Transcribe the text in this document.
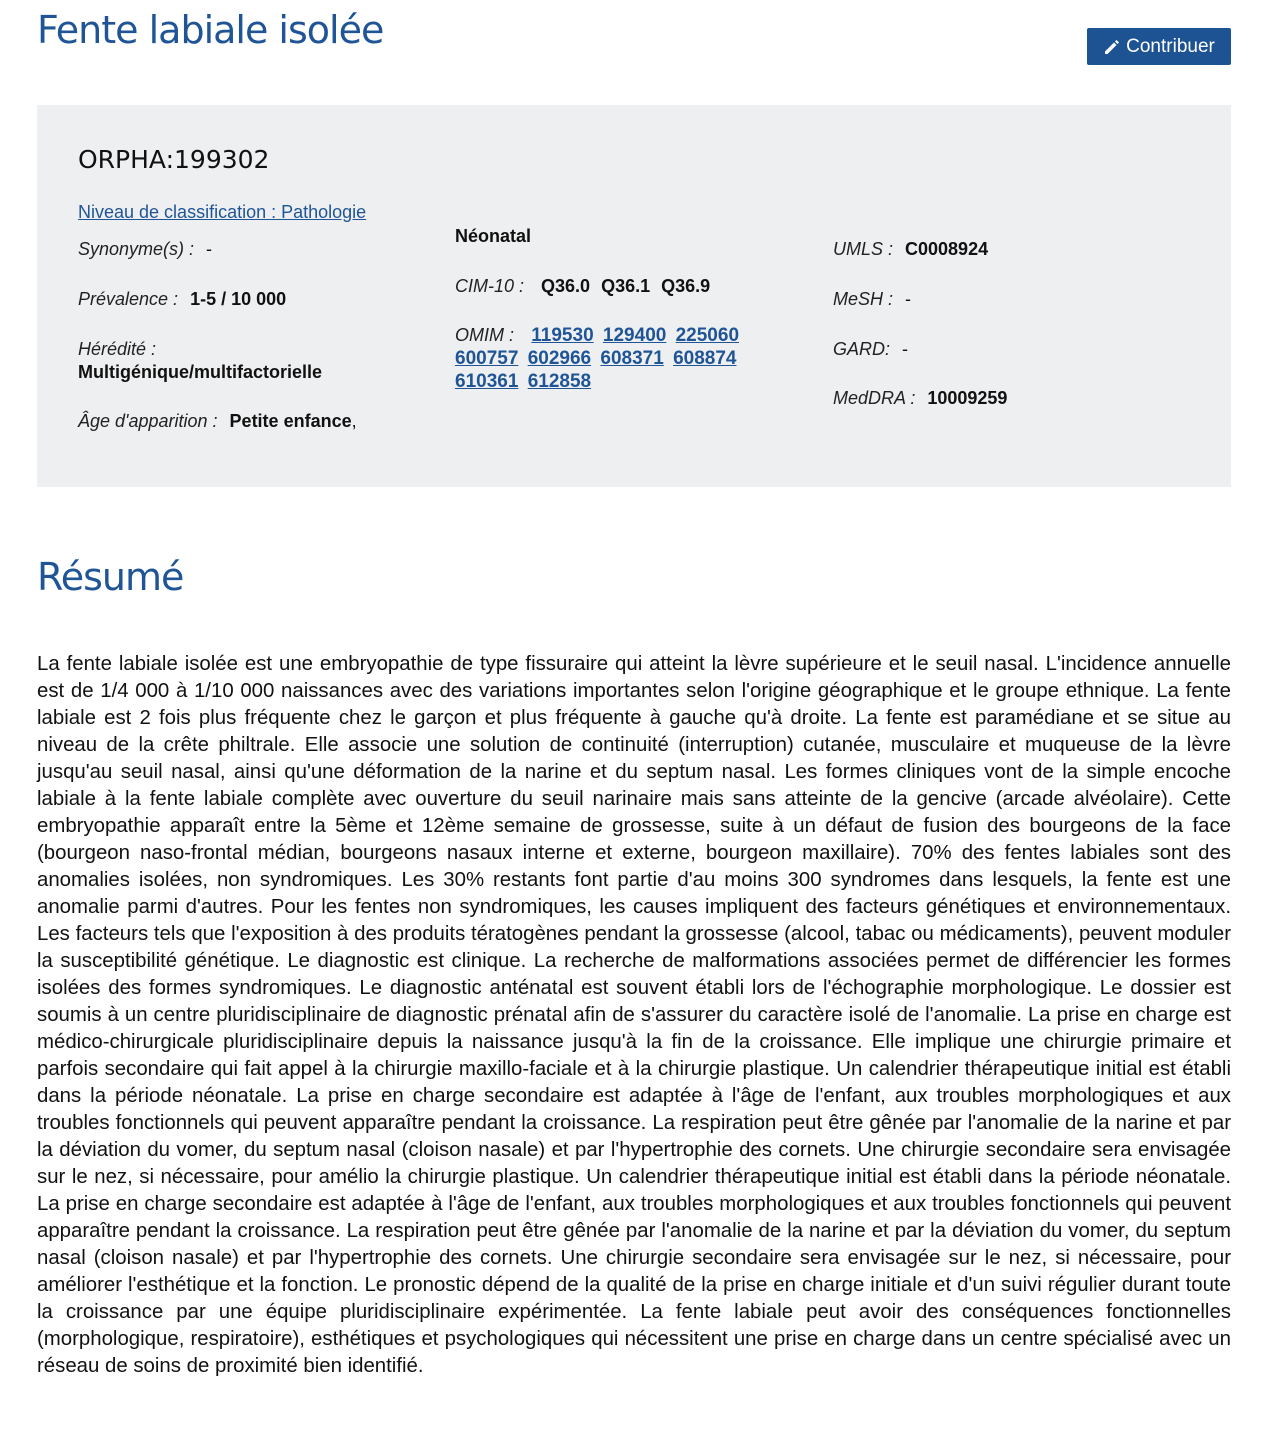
Fente labiale isolée	Contribuer
ORPHA:199302
Niveau de classification : Pathologie
Synonyme(s) : -
Prévalence : 1-5 / 10 000
Hérédité :
Multigénique/multifactorielle
Âge d'apparition : Petite enfance,
Néonatal
CIM-10 : Q36.0 Q36.1 Q36.9
OMIM : 119530 129400 225060 600757 602966 608371 608874 610361 612858
UMLS : C0008924
MeSH : -
GARD: -
MedDRA : 10009259
Résumé

La fente labiale isolée est une embryopathie de type fissuraire qui atteint la lèvre supérieure et le seuil nasal. L'incidence annuelle est de 1/4 000 à 1/10 000 naissances avec des variations importantes selon l'origine géographique et le groupe ethnique. La fente labiale est 2 fois plus fréquente chez le garçon et plus fréquente à gauche qu'à droite. La fente est paramédiane et se situe au niveau de la crête philtrale. Elle associe une solution de continuité (interruption) cutanée, musculaire et muqueuse de la lèvre jusqu'au seuil nasal, ainsi qu'une déformation de la narine et du septum nasal. Les formes cliniques vont de la simple encoche labiale à la fente labiale complète avec ouverture du seuil narinaire mais sans atteinte de la gencive (arcade alvéolaire). Cette embryopathie apparaît entre la 5ème et 12ème semaine de grossesse, suite à un défaut de fusion des bourgeons de la face (bourgeon naso-frontal médian, bourgeons nasaux interne et externe, bourgeon maxillaire). 70% des fentes labiales sont des anomalies isolées, non syndromiques. Les 30% restants font partie d'au moins 300 syndromes dans lesquels, la fente est une anomalie parmi d'autres. Pour les fentes non syndromiques, les causes impliquent des facteurs génétiques et environnementaux. Les facteurs tels que l'exposition à des produits tératogènes pendant la grossesse (alcool, tabac ou médicaments), peuvent moduler la susceptibilité génétique. Le diagnostic est clinique. La recherche de malformations associées permet de différencier les formes isolées des formes syndromiques. Le diagnostic anténatal est souvent établi lors de l'échographie morphologique. Le dossier est soumis à un centre pluridisciplinaire de diagnostic prénatal afin de s'assurer du caractère isolé de l'anomalie. La prise en charge est médico-chirurgicale pluridisciplinaire depuis la naissance jusqu'à la fin de la croissance. Elle implique une chirurgie primaire et parfois secondaire qui fait appel à la chirurgie maxillo-faciale et à la chirurgie plastique. Un calendrier thérapeutique initial est établi dans la période néonatale. La prise en charge secondaire est adaptée à l'âge de l'enfant, aux troubles morphologiques et aux troubles fonctionnels qui peuvent apparaître pendant la croissance. La respiration peut être gênée par l'anomalie de la narine et par la déviation du vomer, du septum nasal (cloison nasale) et par l'hypertrophie des cornets. Une chirurgie secondaire sera envisagée sur le nez, si nécessaire, pour amélio la chirurgie plastique. Un calendrier thérapeutique initial est établi dans la période néonatale. La prise en charge secondaire est adaptée à l'âge de l'enfant, aux troubles morphologiques et aux troubles fonctionnels qui peuvent apparaître pendant la croissance. La respiration peut être gênée par l'anomalie de la narine et par la déviation du vomer, du septum nasal (cloison nasale) et par l'hypertrophie des cornets. Une chirurgie secondaire sera envisagée sur le nez, si nécessaire, pour améliorer l'esthétique et la fonction. Le pronostic dépend de la qualité de la prise en charge initiale et d'un suivi régulier durant toute la croissance par une équipe pluridisciplinaire expérimentée. La fente labiale peut avoir des conséquences fonctionnelles (morphologique, respiratoire), esthétiques et psychologiques qui nécessitent une prise en charge dans un centre spécialisé avec un réseau de soins de proximité bien identifié.
